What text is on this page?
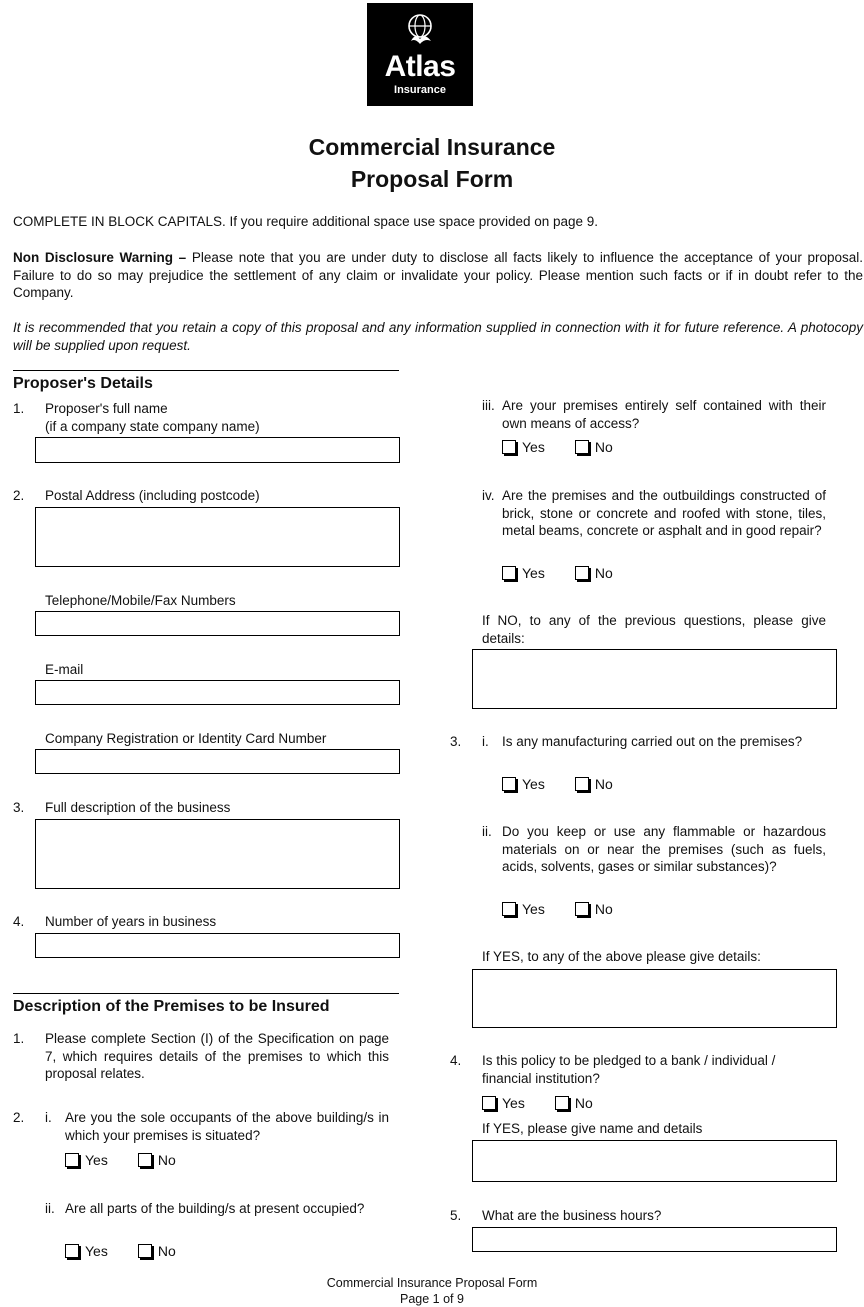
Atlas
Insurance
Commercial Insurance
Proposal Form
COMPLETE IN BLOCK CAPITALS. If you require additional space use space provided on page 9.
Non Disclosure Warning – Please note that you are under duty to disclose all facts likely to influence the acceptance of your proposal. Failure to do so may prejudice the settlement of any claim or invalidate your policy. Please mention such facts or if in doubt refer to the Company.
It is recommended that you retain a copy of this proposal and any information supplied in connection with it for future reference. A photocopy will be supplied upon request.
Proposer's Details
1. Proposer's full name
(if a company state company name)
2. Postal Address (including postcode)
Telephone/Mobile/Fax Numbers
E-mail
Company Registration or Identity Card Number
3. Full description of the business
4. Number of years in business
Description of the Premises to be Insured
1. Please complete Section (I) of the Specification on page 7, which requires details of the premises to which this proposal relates.
2. i. Are you the sole occupants of the above building/s in which your premises is situated?
Yes	No
ii. Are all parts of the building/s at present occupied?
Yes	No
iii. Are your premises entirely self contained with their own means of access?
Yes	No
iv. Are the premises and the outbuildings constructed of brick, stone or concrete and roofed with stone, tiles, metal beams, concrete or asphalt and in good repair?
Yes	No
If NO, to any of the previous questions, please give details:
3. i. Is any manufacturing carried out on the premises?
Yes	No
ii. Do you keep or use any flammable or hazardous materials on or near the premises (such as fuels, acids, solvents, gases or similar substances)?
Yes	No
If YES, to any of the above please give details:
4. Is this policy to be pledged to a bank / individual / financial institution?
Yes	No
If YES, please give name and details
5. What are the business hours?
Commercial Insurance Proposal Form
Page 1 of 9
